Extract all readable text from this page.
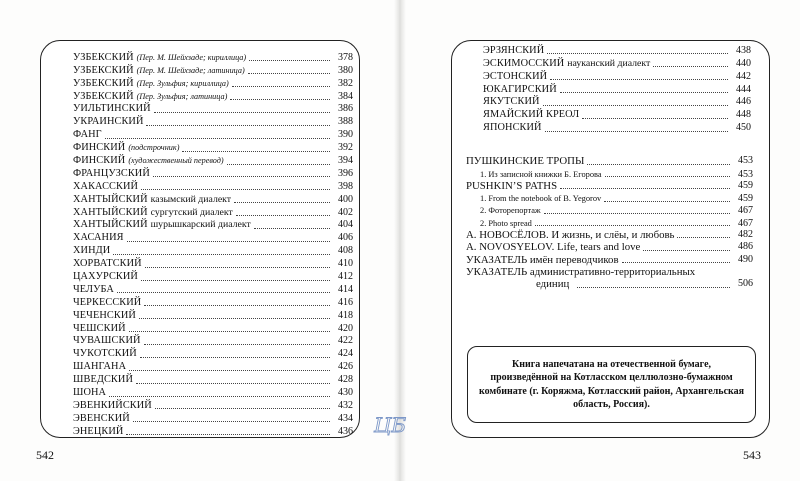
УЗБЕКСКИЙ (Пер. М. Шейхзаде; кириллица)	378
УЗБЕКСКИЙ (Пер. М. Шейхзаде; латиница)	380
УЗБЕКСКИЙ (Пер. Зульфия; кириллица)	382
УЗБЕКСКИЙ (Пер. Зульфия; латиница)	384
УИЛЬТИНСКИЙ	386
УКРАИНСКИЙ	388
ФАНГ	390
ФИНСКИЙ (подстрочник)	392
ФИНСКИЙ (художественный перевод)	394
ФРАНЦУЗСКИЙ	396
ХАКАССКИЙ	398
ХАНТЫЙСКИЙ казымский диалект	400
ХАНТЫЙСКИЙ сургутский диалект	402
ХАНТЫЙСКИЙ шурышкарский диалект	404
ХАСАНИЯ	406
ХИНДИ	408
ХОРВАТСКИЙ	410
ЦАХУРСКИЙ	412
ЧЕЛУБА	414
ЧЕРКЕССКИЙ	416
ЧЕЧЕНСКИЙ	418
ЧЕШСКИЙ	420
ЧУВАШСКИЙ	422
ЧУКОТСКИЙ	424
ШАНГАНА	426
ШВЕДСКИЙ	428
ШОНА	430
ЭВЕНКИЙСКИЙ	432
ЭВЕНСКИЙ	434
ЭНЕЦКИЙ	436
542
ЭРЗЯНСКИЙ	438
ЭСКИМОССКИЙ науканский диалект	440
ЭСТОНСКИЙ	442
ЮКАГИРСКИЙ	444
ЯКУТСКИЙ	446
ЯМАЙСКИЙ КРЕОЛ	448
ЯПОНСКИЙ	450
ПУШКИНСКИЕ ТРОПЫ	453
1. Из записной книжки Б. Егорова	453
PUSHKIN’S PATHS	459
1. From the notebook of B. Yegorov	459
2. Фоторепортаж	467
2. Photo spread	467
А. НОВОСЁЛОВ. И жизнь, и слёы, и любовь	482
A. NOVOSYELOV. Life, tears and love	486
УКАЗАТЕЛЬ имён переводчиков	490
УКАЗАТЕЛЬ административно-территориальных
единиц	506

Книга напечатана на отечественной бумаге, произведённой на Котласском целлюлозно-бумажном комбинате (г. Коряжма, Котласский район, Архангельская область, Россия).

543
ЦБ
